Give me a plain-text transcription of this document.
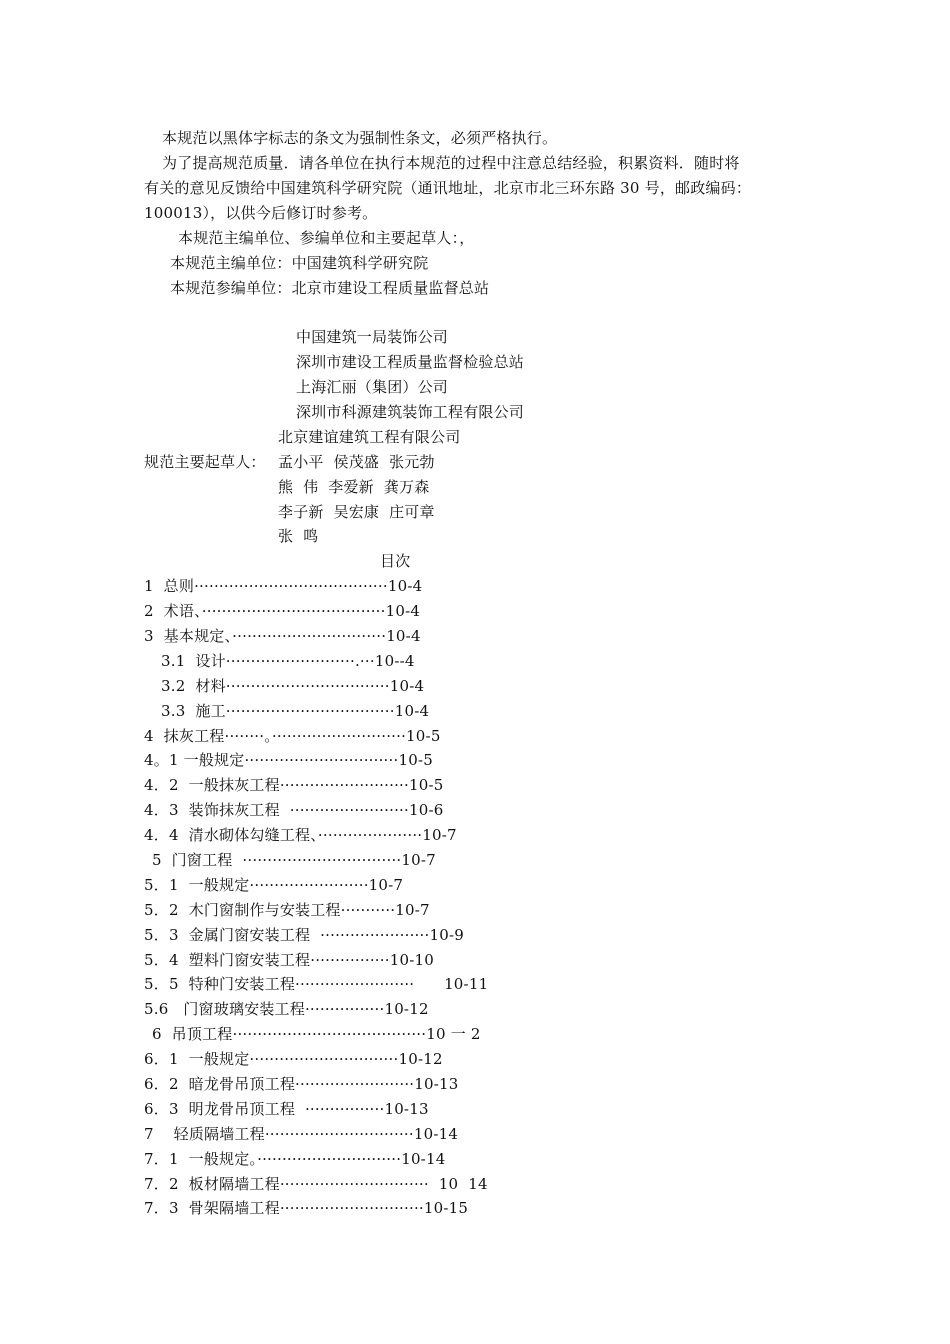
本规范以黑体字标志的条文为强制性条文，必须严格执行。
为了提高规范质量．请各单位在执行本规范的过程中注意总结经验，积累资料．随时将
有关的意见反馈给中国建筑科学研究院（通讯地址，北京市北三环东路 30 号，邮政编码：
100013），以供今后修订时参考。
本规范主编单位、参编单位和主要起草人：，
本规范主编单位：中国建筑科学研究院
本规范参编单位：北京市建设工程质量监督总站
中国建筑一局装饰公司
深圳市建设工程质量监督检验总站
上海汇丽（集团）公司
深圳市科源建筑装饰工程有限公司
北京建谊建筑工程有限公司
规范主要起草人： 孟小平  侯茂盛  张元勃
熊  伟  李爱新  龚万森
李子新  吴宏康  庄可章
张  鸣
目次
1  总则·······································10-4
2  术语、·····································10-4
3  基本规定、·······························10-4
3.1  设计··························.···10--4
3.2  材料·································10-4
3.3  施工··································10-4
4  抹灰工程········。···························10-5
4。1 一般规定·······························10-5
4．2  一般抹灰工程··························10-5
4．3  装饰抹灰工程  ························10-6
4．4  清水砌体勾缝工程、·····················10-7
5  门窗工程  ································10-7
5．1  一般规定························10-7
5．2  木门窗制作与安装工程···········10-7
5．3  金属门窗安装工程  ······················10-9
5．4  塑料门窗安装工程················10-10
5．5  特种门安装工程························      10-11
5.6   门窗玻璃安装工程················10-12
6  吊顶工程·······································10 一 2
6．1  一般规定······························10-12
6．2  暗龙骨吊顶工程························10-13
6．3  明龙骨吊顶工程  ················10-13
7    轻质隔墙工程······························10-14
7．1  一般规定。·····························10-14
7．2  板材隔墙工程······························  10  14
7．3  骨架隔墙工程·····························10-15
